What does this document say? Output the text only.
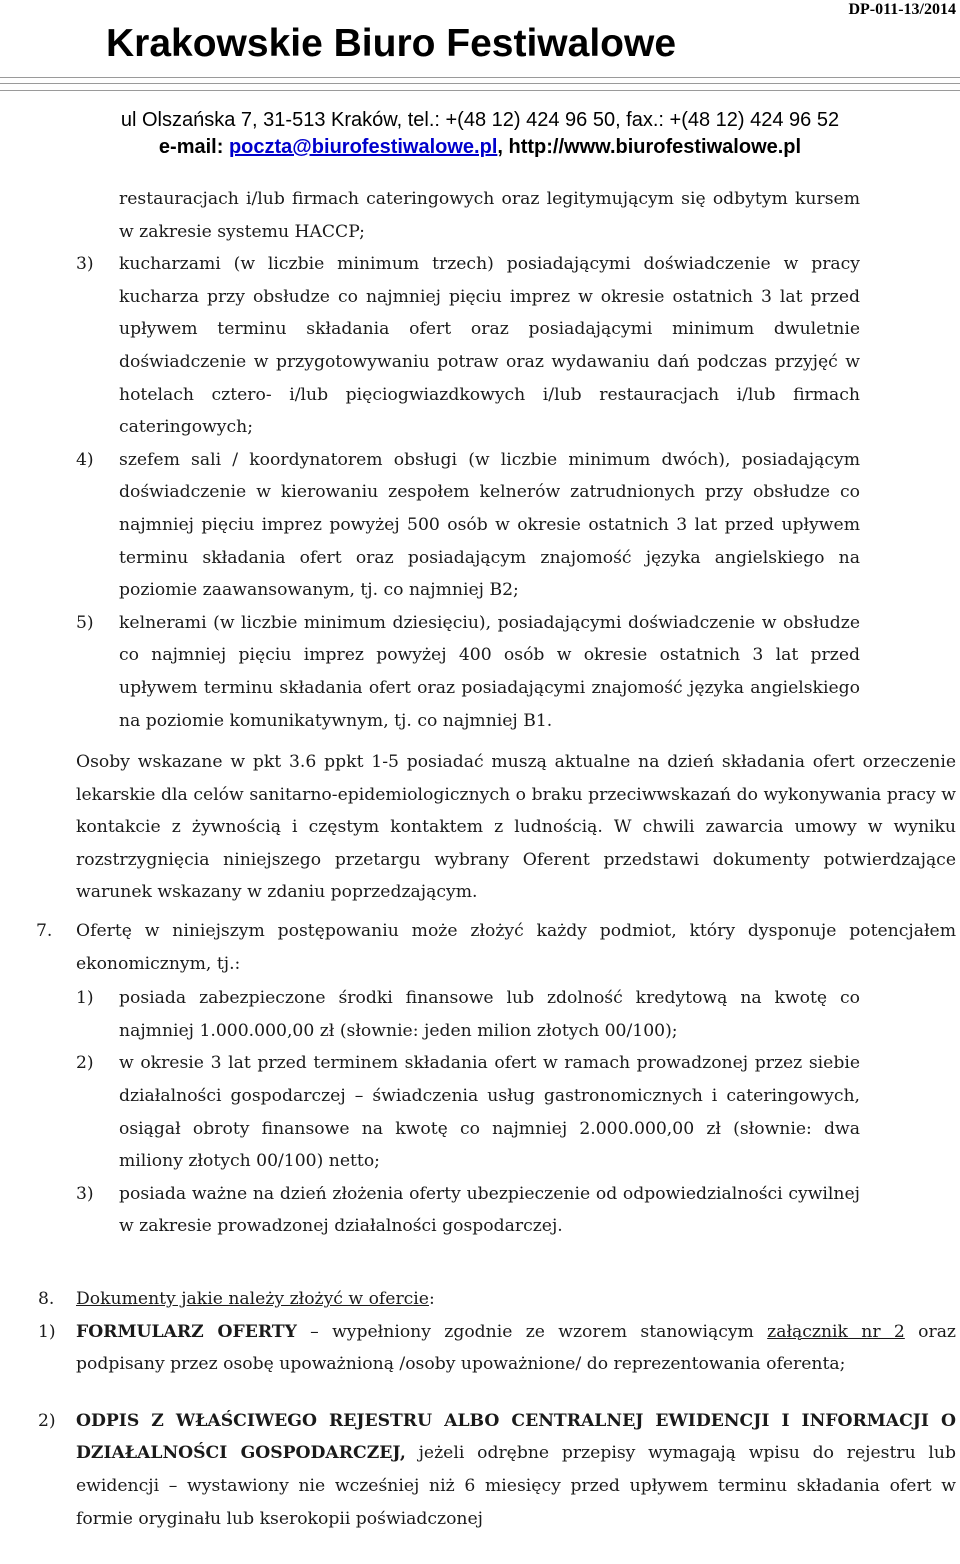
DP-011-13/2014
Krakowskie Biuro Festiwalowe
ul Olszańska 7, 31-513 Kraków, tel.: +(48 12) 424 96 50, fax.: +(48 12) 424 96 52
e-mail: poczta@biurofestiwalowe.pl, http://www.biurofestiwalowe.pl
restauracjach i/lub firmach cateringowych oraz legitymującym się odbytym kursem w zakresie systemu HACCP;
3)	kucharzami (w liczbie minimum trzech) posiadającymi doświadczenie w pracy kucharza przy obsłudze co najmniej pięciu imprez w okresie ostatnich 3 lat przed upływem terminu składania ofert oraz posiadającymi minimum dwuletnie doświadczenie w przygotowywaniu potraw oraz wydawaniu dań podczas przyjęć w hotelach cztero- i/lub pięciogwiazdkowych i/lub restauracjach i/lub firmach cateringowych;
4)	szefem sali / koordynatorem obsługi (w liczbie minimum dwóch), posiadającym doświadczenie w kierowaniu zespołem kelnerów zatrudnionych przy obsłudze co najmniej pięciu imprez powyżej 500 osób w okresie ostatnich 3 lat przed upływem terminu składania ofert oraz posiadającym znajomość języka angielskiego na poziomie zaawansowanym, tj. co najmniej B2;
5)	kelnerami (w liczbie minimum dziesięciu), posiadającymi doświadczenie w obsłudze co najmniej pięciu imprez powyżej 400 osób w okresie ostatnich 3 lat przed upływem terminu składania ofert oraz posiadającymi znajomość języka angielskiego na poziomie komunikatywnym, tj. co najmniej B1.
Osoby wskazane w pkt 3.6 ppkt 1-5 posiadać muszą aktualne na dzień składania ofert orzeczenie lekarskie dla celów sanitarno-epidemiologicznych o braku przeciwwskazań do wykonywania pracy w kontakcie z żywnością i częstym kontaktem z ludnością. W chwili zawarcia umowy w wyniku rozstrzygnięcia niniejszego przetargu wybrany Oferent przedstawi dokumenty potwierdzające warunek wskazany w zdaniu poprzedzającym.
7.	Ofertę w niniejszym postępowaniu może złożyć każdy podmiot, który dysponuje potencjałem ekonomicznym, tj.:
1)	posiada zabezpieczone środki finansowe lub zdolność kredytową na kwotę co najmniej 1.000.000,00 zł (słownie: jeden milion złotych 00/100);
2)	w okresie 3 lat przed terminem składania ofert w ramach prowadzonej przez siebie działalności gospodarczej – świadczenia usług gastronomicznych i cateringowych, osiągał obroty finansowe na kwotę co najmniej 2.000.000,00 zł (słownie: dwa miliony złotych 00/100) netto;
3)	posiada ważne na dzień złożenia oferty ubezpieczenie od odpowiedzialności cywilnej w zakresie prowadzonej działalności gospodarczej.
8.	Dokumenty jakie należy złożyć w ofercie:
1)	FORMULARZ OFERTY – wypełniony zgodnie ze wzorem stanowiącym załącznik nr 2 oraz podpisany przez osobę upoważnioną /osoby upoważnione/ do reprezentowania oferenta;
2)	ODPIS Z WŁAŚCIWEGO REJESTRU ALBO CENTRALNEJ EWIDENCJI I INFORMACJI O DZIAŁALNOŚCI GOSPODARCZEJ, jeżeli odrębne przepisy wymagają wpisu do rejestru lub ewidencji – wystawiony nie wcześniej niż 6 miesięcy przed upływem terminu składania ofert w formie oryginału lub kserokopii poświadczonej
